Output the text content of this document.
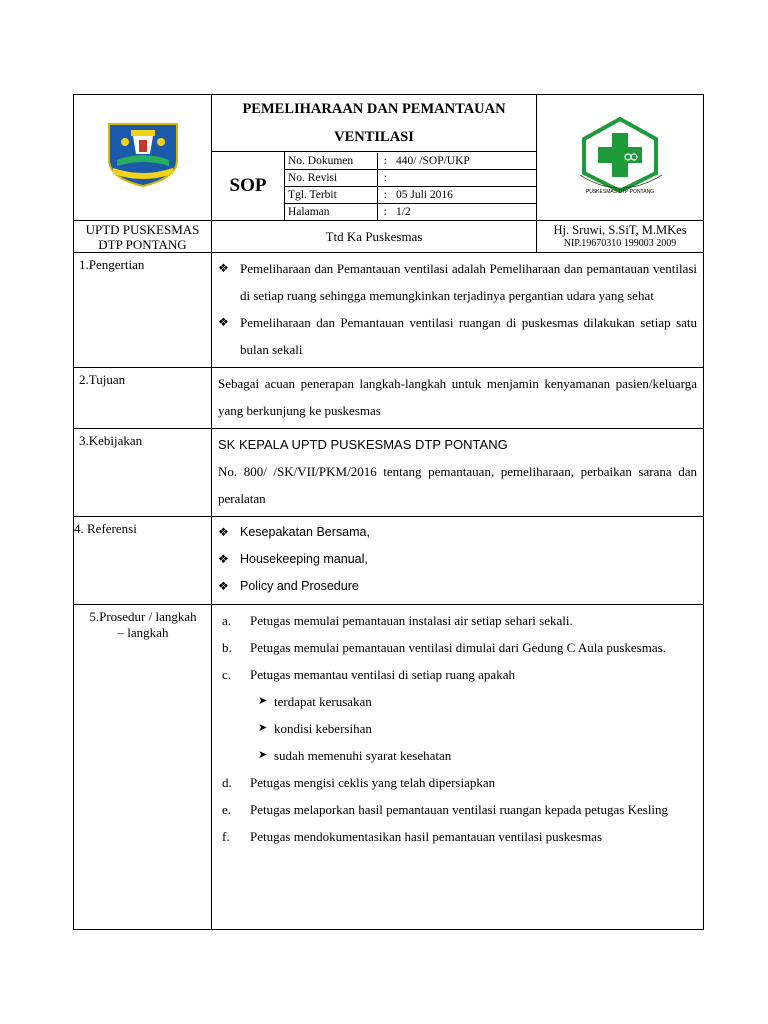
PEMELIHARAAN DAN PEMANTAUAN
VENTILASI

PUSKESMAS DTP PONTANG

SOP	
No. Dokumen	:	440/ /SOP/UKP
No. Revisi	:	
Tgl. Terbit	:	05 Juli 2016
Halaman	:	1/2

UPTD PUSKESMAS
DTP PONTANG
	Ttd Ka Puskesmas	Hj. Sruwi, S.SiT, M.MKes
NIP.19670310 199003 2009

1.Pengertian	❖ Pemeliharaan dan Pemantauan ventilasi adalah Pemeliharaan dan pemantauan ventilasi di setiap ruang sehingga memungkinkan terjadinya pergantian udara yang sehat
❖ Pemeliharaan dan Pemantauan ventilasi ruangan di puskesmas dilakukan setiap satu bulan sekali

2.Tujuan	Sebagai acuan penerapan langkah-langkah untuk menjamin kenyamanan pasien/keluarga yang berkunjung ke puskesmas
3.Kebijakan	SK KEPALA UPTD PUSKESMAS DTP PONTANG
No. 800/ /SK/VII/PKM/2016 tentang pemantauan, pemeliharaan, perbaikan sarana dan peralatan

4. Referensi	❖ Kesepakatan Bersama,
❖ Housekeeping manual,
❖ Policy and Prosedure

5.Prosedur / langkah
– langkah

a.	Petugas memulai pemantauan instalasi air setiap sehari sekali.
b.	Petugas memulai pemantauan ventilasi dimulai dari Gedung C Aula puskesmas.
c.	Petugas memantau ventilasi di setiap ruang apakah
➤ terdapat kerusakan
➤ kondisi kebersihan
➤ sudah memenuhi syarat kesehatan
d.	Petugas mengisi ceklis yang telah dipersiapkan
e.	Petugas melaporkan hasil pemantauan ventilasi ruangan kepada petugas Kesling
f.	Petugas mendokumentasikan hasil pemantauan ventilasi puskesmas
